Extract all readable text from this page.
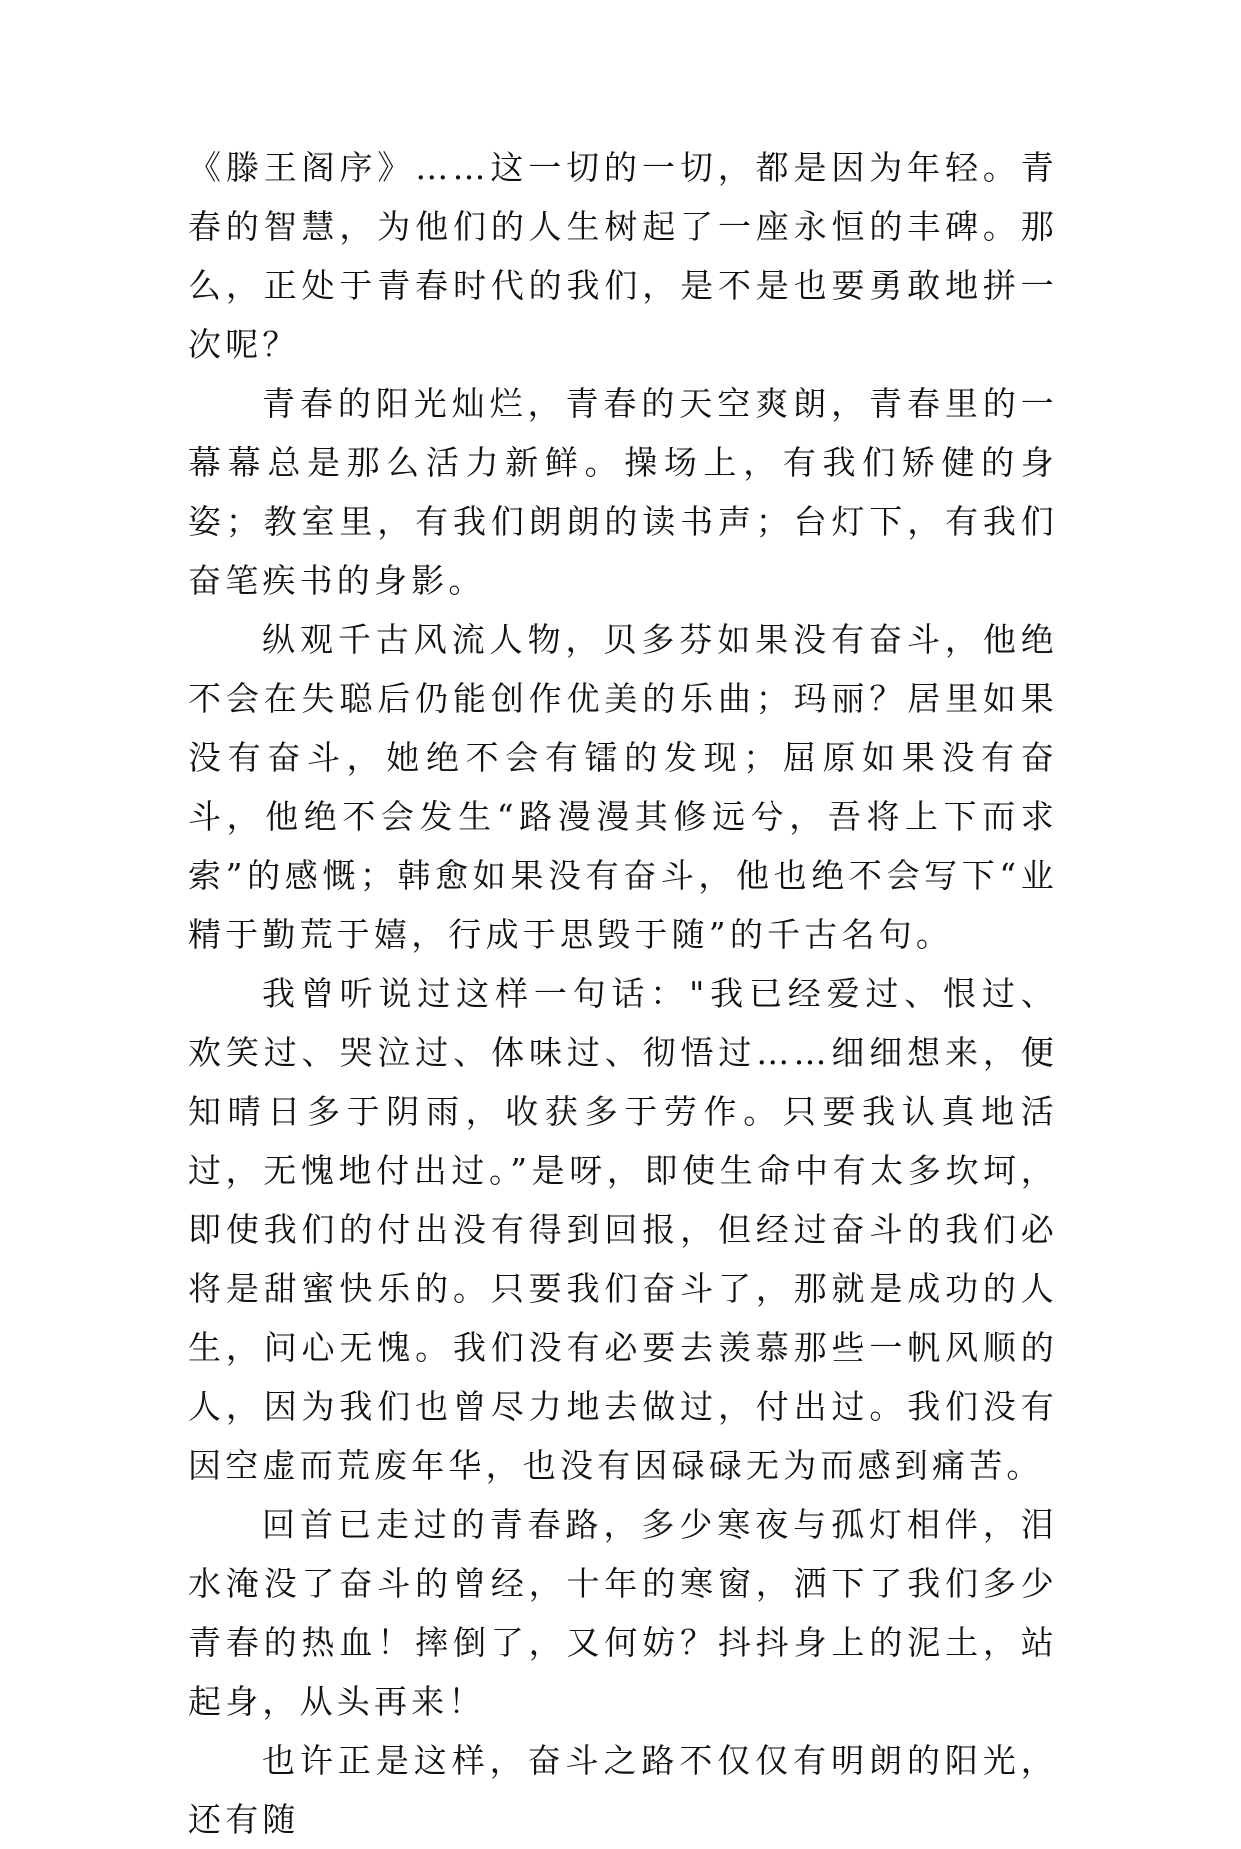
《滕王阁序》……这一切的一切，都是因为年轻。青春的智慧，为他们的人生树起了一座永恒的丰碑。那么，正处于青春时代的我们，是不是也要勇敢地拼一次呢？

青春的阳光灿烂，青春的天空爽朗，青春里的一幕幕总是那么活力新鲜。操场上，有我们矫健的身姿；教室里，有我们朗朗的读书声；台灯下，有我们奋笔疾书的身影。

纵观千古风流人物，贝多芬如果没有奋斗，他绝不会在失聪后仍能创作优美的乐曲；玛丽？居里如果没有奋斗，她绝不会有镭的发现；屈原如果没有奋斗，他绝不会发生“路漫漫其修远兮，吾将上下而求索”的感慨；韩愈如果没有奋斗，他也绝不会写下“业精于勤荒于嬉，行成于思毁于随”的千古名句。

我曾听说过这样一句话："我已经爱过、恨过、欢笑过、哭泣过、体味过、彻悟过……细细想来，便知晴日多于阴雨，收获多于劳作。只要我认真地活过，无愧地付出过。”是呀，即使生命中有太多坎坷，即使我们的付出没有得到回报，但经过奋斗的我们必将是甜蜜快乐的。只要我们奋斗了，那就是成功的人生，问心无愧。我们没有必要去羡慕那些一帆风顺的人，因为我们也曾尽力地去做过，付出过。我们没有因空虚而荒废年华，也没有因碌碌无为而感到痛苦。

回首已走过的青春路，多少寒夜与孤灯相伴，泪水淹没了奋斗的曾经，十年的寒窗，洒下了我们多少青春的热血！摔倒了，又何妨？抖抖身上的泥土，站起身，从头再来！

也许正是这样，奋斗之路不仅仅有明朗的阳光，还有随
